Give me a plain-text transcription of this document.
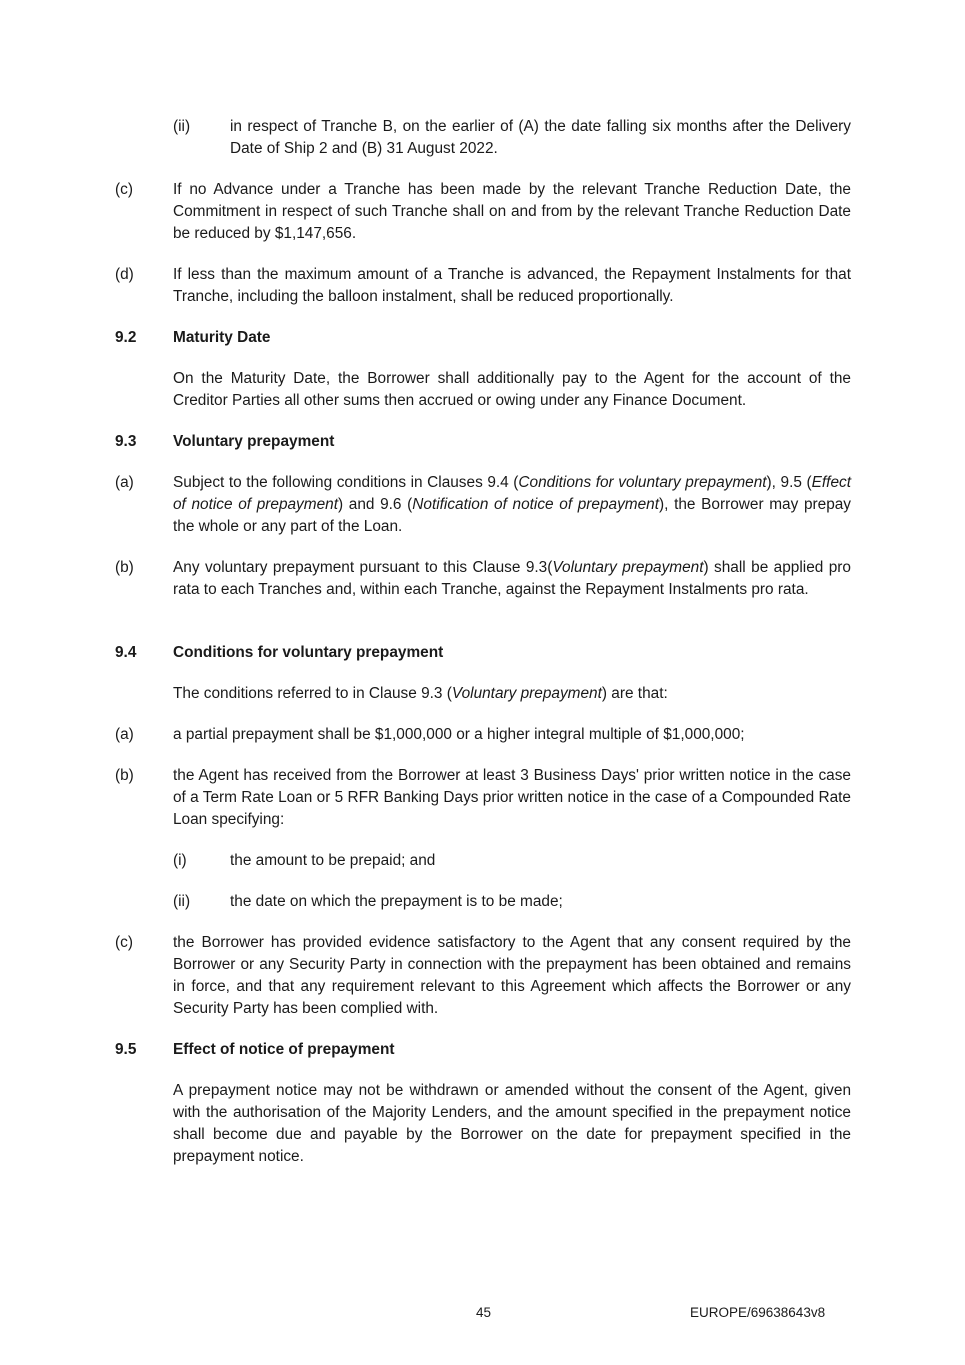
(ii)	in respect of Tranche B, on the earlier of (A) the date falling six months after the Delivery Date of Ship 2 and (B) 31 August 2022.
(c)	If no Advance under a Tranche has been made by the relevant Tranche Reduction Date, the Commitment in respect of such Tranche shall on and from by the relevant Tranche Reduction Date be reduced by $1,147,656.
(d)	If less than the maximum amount of a Tranche is advanced, the Repayment Instalments for that Tranche, including the balloon instalment, shall be reduced proportionally.
9.2 Maturity Date
On the Maturity Date, the Borrower shall additionally pay to the Agent for the account of the Creditor Parties all other sums then accrued or owing under any Finance Document.
9.3 Voluntary prepayment
(a)	Subject to the following conditions in Clauses 9.4 (Conditions for voluntary prepayment), 9.5 (Effect of notice of prepayment) and 9.6 (Notification of notice of prepayment), the Borrower may prepay the whole or any part of the Loan.
(b)	Any voluntary prepayment pursuant to this Clause 9.3(Voluntary prepayment) shall be applied pro rata to each Tranches and, within each Tranche, against the Repayment Instalments pro rata.
9.4 Conditions for voluntary prepayment
The conditions referred to in Clause 9.3 (Voluntary prepayment) are that:
(a)	a partial prepayment shall be $1,000,000 or a higher integral multiple of $1,000,000;
(b)	the Agent has received from the Borrower at least 3 Business Days' prior written notice in the case of a Term Rate Loan or 5 RFR Banking Days prior written notice in the case of a Compounded Rate Loan specifying:
(i)	the amount to be prepaid; and
(ii)	the date on which the prepayment is to be made;
(c)	the Borrower has provided evidence satisfactory to the Agent that any consent required by the Borrower or any Security Party in connection with the prepayment has been obtained and remains in force, and that any requirement relevant to this Agreement which affects the Borrower or any Security Party has been complied with.
9.5 Effect of notice of prepayment
A prepayment notice may not be withdrawn or amended without the consent of the Agent, given with the authorisation of the Majority Lenders, and the amount specified in the prepayment notice shall become due and payable by the Borrower on the date for prepayment specified in the prepayment notice.
45	EUROPE/69638643v8
